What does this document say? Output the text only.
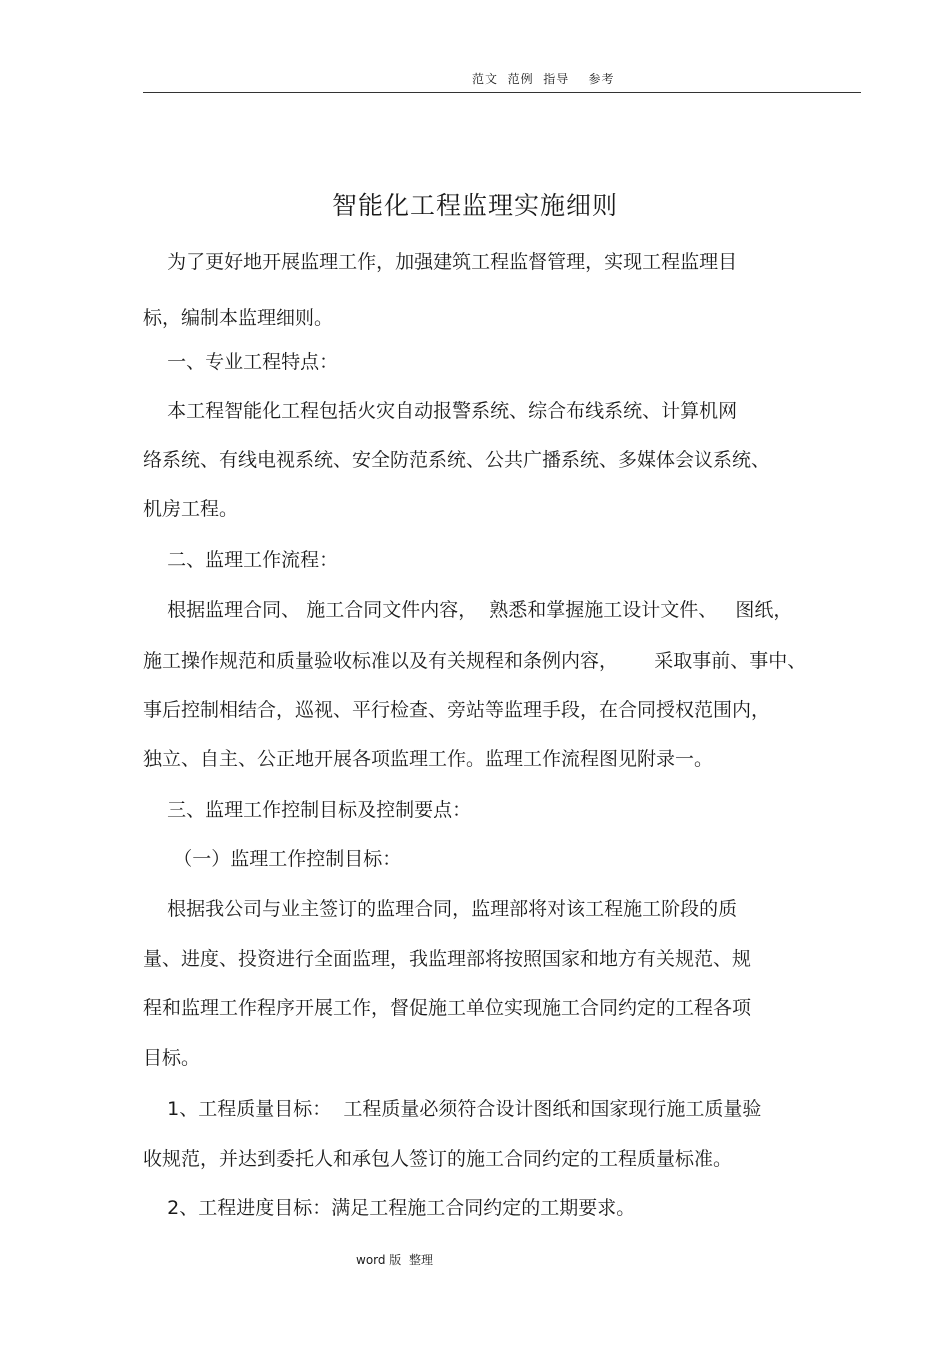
范文  范例  指导    参考
智能化工程监理实施细则
为了更好地开展监理工作，加强建筑工程监督管理，实现工程监理目
标，编制本监理细则。
一、专业工程特点：
本工程智能化工程包括火灾自动报警系统、综合布线系统、计算机网
络系统、有线电视系统、安全防范系统、公共广播系统、多媒体会议系统、
机房工程。
二、监理工作流程：
根据监理合同、 施工合同文件内容，  熟悉和掌握施工设计文件、   图纸，
施工操作规范和质量验收标准以及有关规程和条例内容，      采取事前、事中、
事后控制相结合，巡视、平行检查、旁站等监理手段，在合同授权范围内，
独立、自主、公正地开展各项监理工作。监理工作流程图见附录一。
三、监理工作控制目标及控制要点：
（一）监理工作控制目标：
根据我公司与业主签订的监理合同，监理部将对该工程施工阶段的质
量、进度、投资进行全面监理，我监理部将按照国家和地方有关规范、规
程和监理工作程序开展工作，督促施工单位实现施工合同约定的工程各项
目标。
1、工程质量目标：  工程质量必须符合设计图纸和国家现行施工质量验
收规范，并达到委托人和承包人签订的施工合同约定的工程质量标准。
2、工程进度目标：满足工程施工合同约定的工期要求。
word 版  整理
